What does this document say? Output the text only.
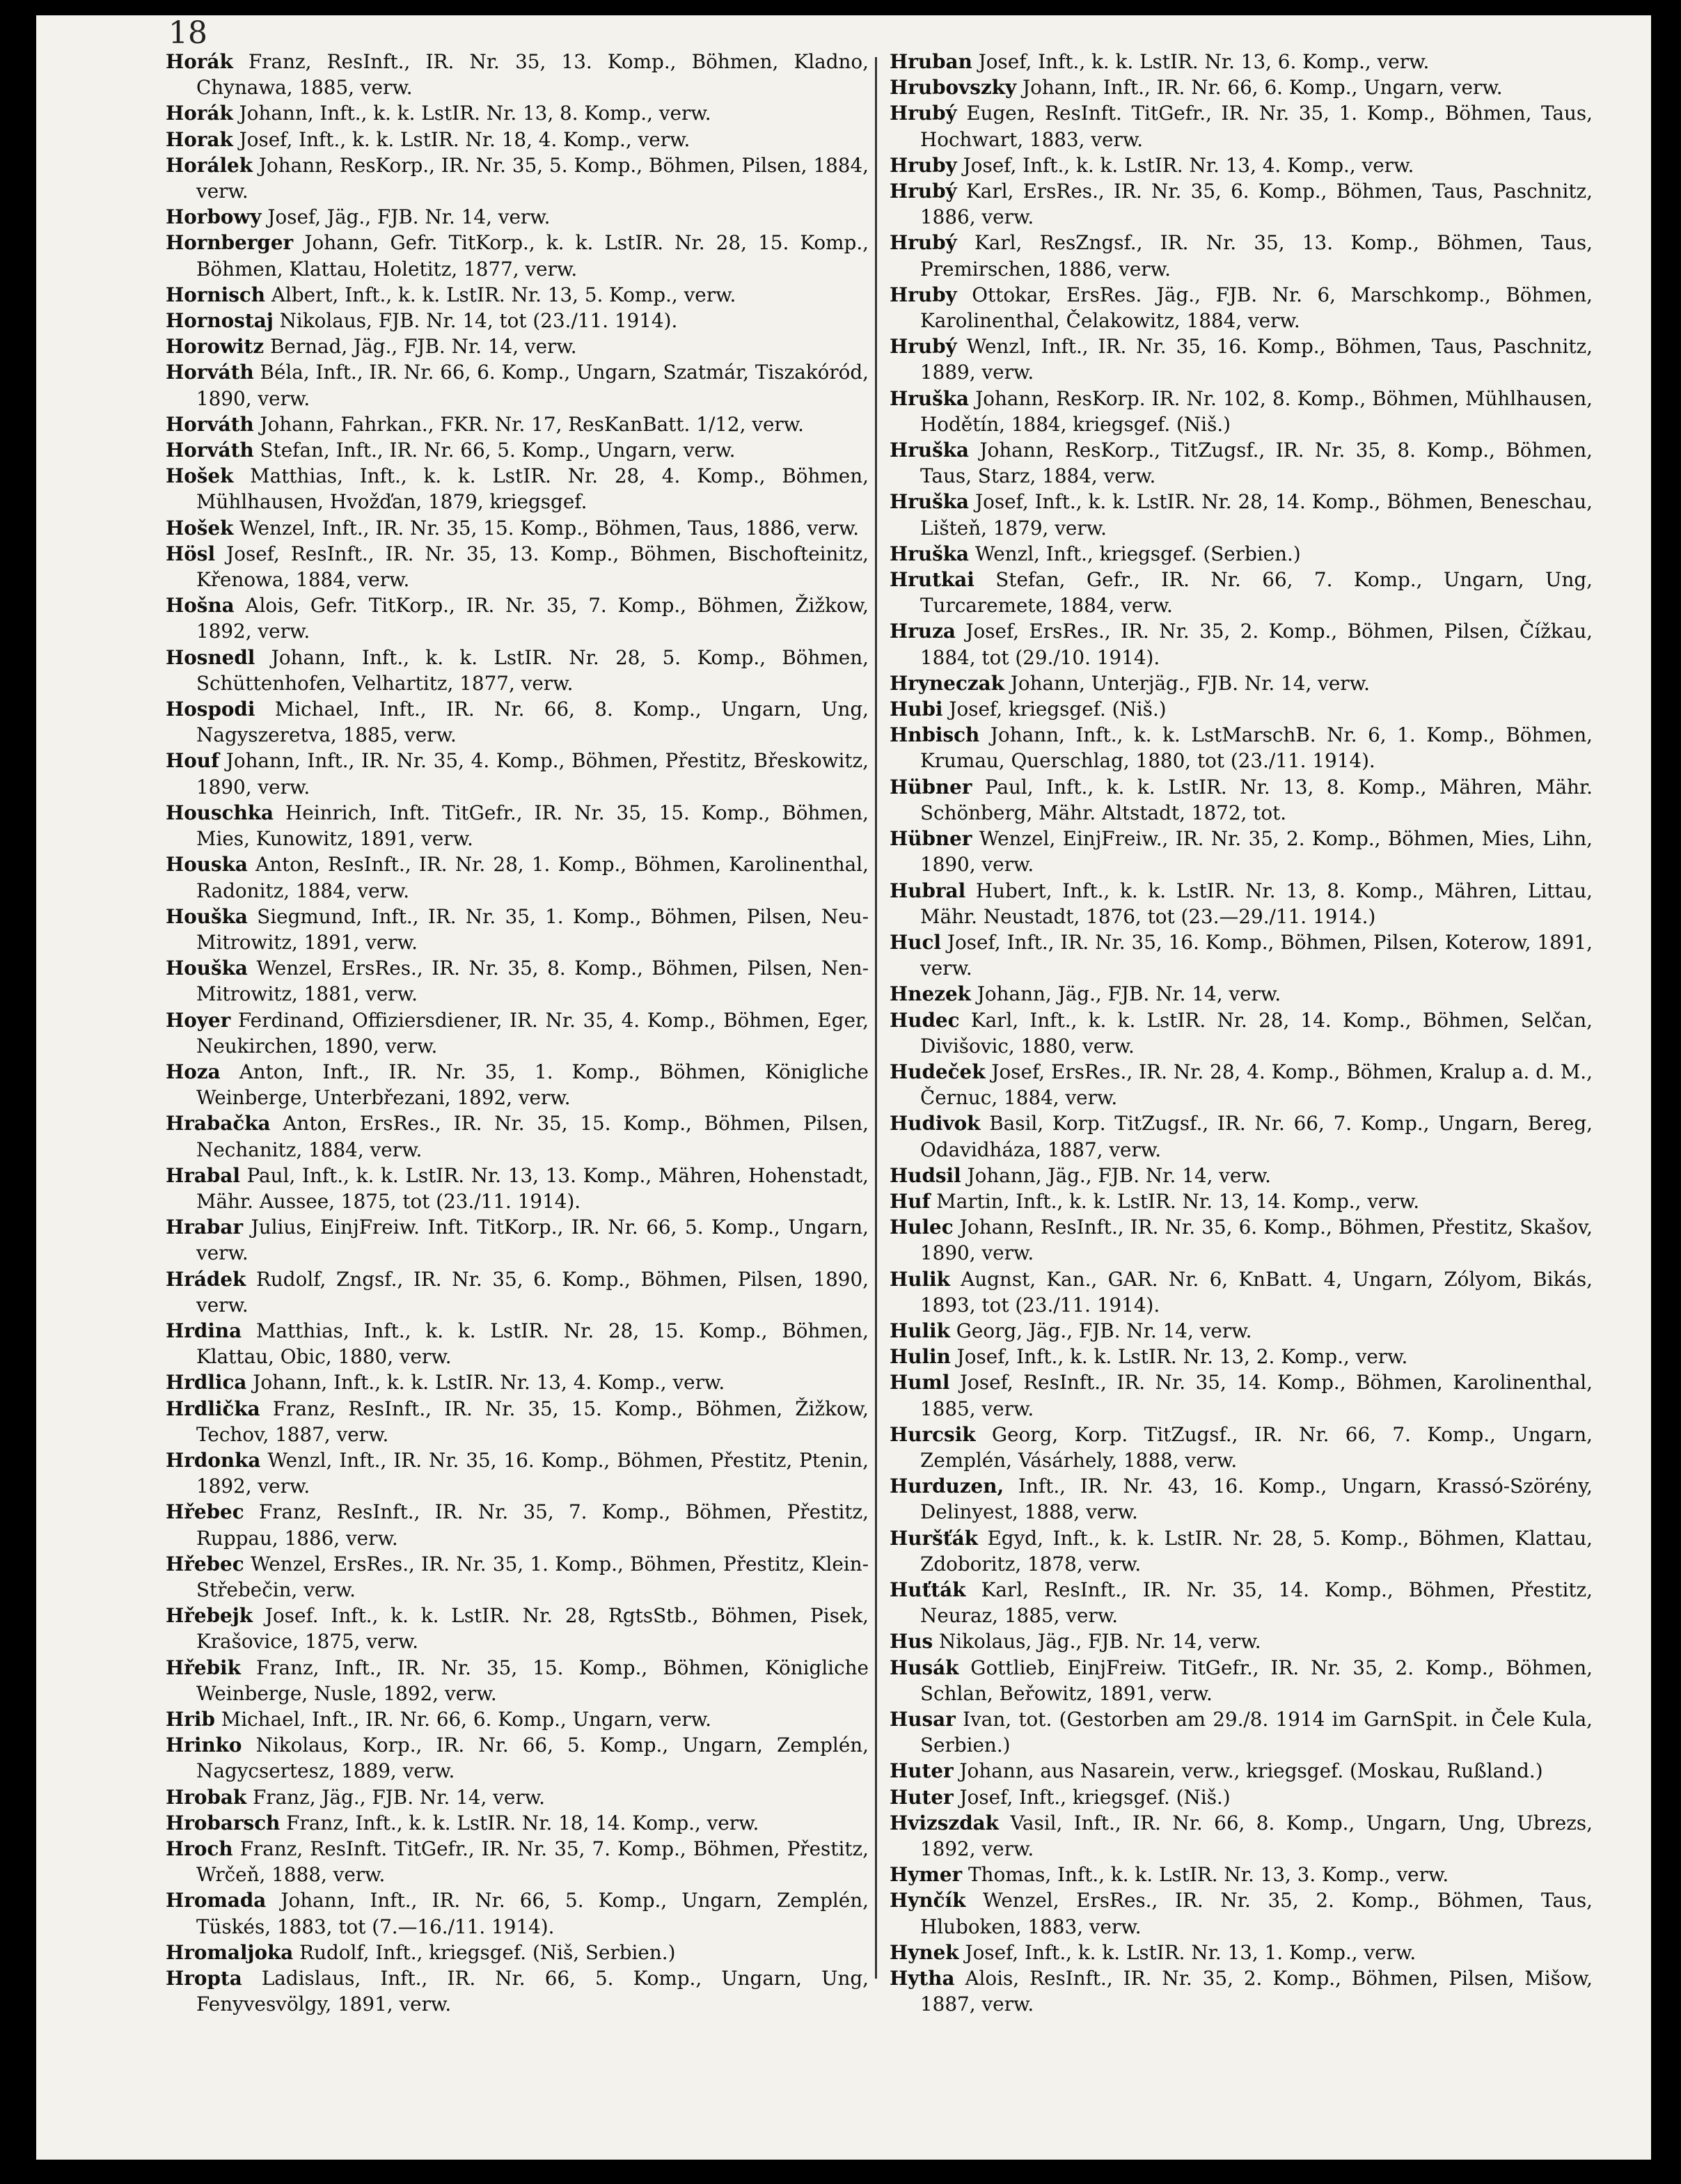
18
Horák Franz, ResInft., IR. Nr. 35, 13. Komp., Böhmen, Kladno, Chynawa, 1885, verw.
Horák Johann, Inft., k. k. LstIR. Nr. 13, 8. Komp., verw.
Horak Josef, Inft., k. k. LstIR. Nr. 18, 4. Komp., verw.
Horálek Johann, ResKorp., IR. Nr. 35, 5. Komp., Böhmen, Pilsen, 1884, verw.
Horbowy Josef, Jäg., FJB. Nr. 14, verw.
Hornberger Johann, Gefr. TitKorp., k. k. LstIR. Nr. 28, 15. Komp., Böhmen, Klattau, Holetitz, 1877, verw.
Hornisch Albert, Inft., k. k. LstIR. Nr. 13, 5. Komp., verw.
Hornostaj Nikolaus, FJB. Nr. 14, tot (23./11. 1914).
Horowitz Bernad, Jäg., FJB. Nr. 14, verw.
Horváth Béla, Inft., IR. Nr. 66, 6. Komp., Ungarn, Szatmár, Tiszakóród, 1890, verw.
Horváth Johann, Fahrkan., FKR. Nr. 17, ResKanBatt. 1/12, verw.
Horváth Stefan, Inft., IR. Nr. 66, 5. Komp., Ungarn, verw.
Hošek Matthias, Inft., k. k. LstIR. Nr. 28, 4. Komp., Böhmen, Mühlhausen, Hvožďan, 1879, kriegsgef.
Hošek Wenzel, Inft., IR. Nr. 35, 15. Komp., Böhmen, Taus, 1886, verw.
Hösl Josef, ResInft., IR. Nr. 35, 13. Komp., Böhmen, Bischofteinitz, Křenowa, 1884, verw.
Hošna Alois, Gefr. TitKorp., IR. Nr. 35, 7. Komp., Böhmen, Žižkow, 1892, verw.
Hosnedl Johann, Inft., k. k. LstIR. Nr. 28, 5. Komp., Böhmen, Schüttenhofen, Velhartitz, 1877, verw.
Hospodi Michael, Inft., IR. Nr. 66, 8. Komp., Ungarn, Ung, Nagyszeretva, 1885, verw.
Houf Johann, Inft., IR. Nr. 35, 4. Komp., Böhmen, Přestitz, Břeskowitz, 1890, verw.
Houschka Heinrich, Inft. TitGefr., IR. Nr. 35, 15. Komp., Böhmen, Mies, Kunowitz, 1891, verw.
Houska Anton, ResInft., IR. Nr. 28, 1. Komp., Böhmen, Karolinenthal, Radonitz, 1884, verw.
Houška Siegmund, Inft., IR. Nr. 35, 1. Komp., Böhmen, Pilsen, Neu-Mitrowitz, 1891, verw.
Houška Wenzel, ErsRes., IR. Nr. 35, 8. Komp., Böhmen, Pilsen, Nen-Mitrowitz, 1881, verw.
Hoyer Ferdinand, Offiziersdiener, IR. Nr. 35, 4. Komp., Böhmen, Eger, Neukirchen, 1890, verw.
Hoza Anton, Inft., IR. Nr. 35, 1. Komp., Böhmen, Königliche Weinberge, Unterbřezani, 1892, verw.
Hrabačka Anton, ErsRes., IR. Nr. 35, 15. Komp., Böhmen, Pilsen, Nechanitz, 1884, verw.
Hrabal Paul, Inft., k. k. LstIR. Nr. 13, 13. Komp., Mähren, Hohenstadt, Mähr. Aussee, 1875, tot (23./11. 1914).
Hrabar Julius, EinjFreiw. Inft. TitKorp., IR. Nr. 66, 5. Komp., Ungarn, verw.
Hrádek Rudolf, Zngsf., IR. Nr. 35, 6. Komp., Böhmen, Pilsen, 1890, verw.
Hrdina Matthias, Inft., k. k. LstIR. Nr. 28, 15. Komp., Böhmen, Klattau, Obic, 1880, verw.
Hrdlica Johann, Inft., k. k. LstIR. Nr. 13, 4. Komp., verw.
Hrdlička Franz, ResInft., IR. Nr. 35, 15. Komp., Böhmen, Žižkow, Techov, 1887, verw.
Hrdonka Wenzl, Inft., IR. Nr. 35, 16. Komp., Böhmen, Přestitz, Ptenin, 1892, verw.
Hřebec Franz, ResInft., IR. Nr. 35, 7. Komp., Böhmen, Přestitz, Ruppau, 1886, verw.
Hřebec Wenzel, ErsRes., IR. Nr. 35, 1. Komp., Böhmen, Přestitz, Klein-Střebečin, verw.
Hřebejk Josef. Inft., k. k. LstIR. Nr. 28, RgtsStb., Böhmen, Pisek, Krašovice, 1875, verw.
Hřebik Franz, Inft., IR. Nr. 35, 15. Komp., Böhmen, Königliche Weinberge, Nusle, 1892, verw.
Hrib Michael, Inft., IR. Nr. 66, 6. Komp., Ungarn, verw.
Hrinko Nikolaus, Korp., IR. Nr. 66, 5. Komp., Ungarn, Zemplén, Nagycsertesz, 1889, verw.
Hrobak Franz, Jäg., FJB. Nr. 14, verw.
Hrobarsch Franz, Inft., k. k. LstIR. Nr. 18, 14. Komp., verw.
Hroch Franz, ResInft. TitGefr., IR. Nr. 35, 7. Komp., Böhmen, Přestitz, Wrčeň, 1888, verw.
Hromada Johann, Inft., IR. Nr. 66, 5. Komp., Ungarn, Zemplén, Tüskés, 1883, tot (7.—16./11. 1914).
Hromaljoka Rudolf, Inft., kriegsgef. (Niš, Serbien.)
Hropta Ladislaus, Inft., IR. Nr. 66, 5. Komp., Ungarn, Ung, Fenyvesvölgy, 1891, verw.
Hruban Josef, Inft., k. k. LstIR. Nr. 13, 6. Komp., verw.
Hrubovszky Johann, Inft., IR. Nr. 66, 6. Komp., Ungarn, verw.
Hrubý Eugen, ResInft. TitGefr., IR. Nr. 35, 1. Komp., Böhmen, Taus, Hochwart, 1883, verw.
Hruby Josef, Inft., k. k. LstIR. Nr. 13, 4. Komp., verw.
Hrubý Karl, ErsRes., IR. Nr. 35, 6. Komp., Böhmen, Taus, Paschnitz, 1886, verw.
Hrubý Karl, ResZngsf., IR. Nr. 35, 13. Komp., Böhmen, Taus, Premirschen, 1886, verw.
Hruby Ottokar, ErsRes. Jäg., FJB. Nr. 6, Marschkomp., Böhmen, Karolinenthal, Čelakowitz, 1884, verw.
Hrubý Wenzl, Inft., IR. Nr. 35, 16. Komp., Böhmen, Taus, Paschnitz, 1889, verw.
Hruška Johann, ResKorp. IR. Nr. 102, 8. Komp., Böhmen, Mühlhausen, Hodětín, 1884, kriegsgef. (Niš.)
Hruška Johann, ResKorp., TitZugsf., IR. Nr. 35, 8. Komp., Böhmen, Taus, Starz, 1884, verw.
Hruška Josef, Inft., k. k. LstIR. Nr. 28, 14. Komp., Böhmen, Beneschau, Lišteň, 1879, verw.
Hruška Wenzl, Inft., kriegsgef. (Serbien.)
Hrutkai Stefan, Gefr., IR. Nr. 66, 7. Komp., Ungarn, Ung, Turcaremete, 1884, verw.
Hruza Josef, ErsRes., IR. Nr. 35, 2. Komp., Böhmen, Pilsen, Čížkau, 1884, tot (29./10. 1914).
Hryneczak Johann, Unterjäg., FJB. Nr. 14, verw.
Hubi Josef, kriegsgef. (Niš.)
Hnbisch Johann, Inft., k. k. LstMarschB. Nr. 6, 1. Komp., Böhmen, Krumau, Querschlag, 1880, tot (23./11. 1914).
Hübner Paul, Inft., k. k. LstIR. Nr. 13, 8. Komp., Mähren, Mähr. Schönberg, Mähr. Altstadt, 1872, tot.
Hübner Wenzel, EinjFreiw., IR. Nr. 35, 2. Komp., Böhmen, Mies, Lihn, 1890, verw.
Hubral Hubert, Inft., k. k. LstIR. Nr. 13, 8. Komp., Mähren, Littau, Mähr. Neustadt, 1876, tot (23.—29./11. 1914.)
Hucl Josef, Inft., IR. Nr. 35, 16. Komp., Böhmen, Pilsen, Koterow, 1891, verw.
Hnezek Johann, Jäg., FJB. Nr. 14, verw.
Hudec Karl, Inft., k. k. LstIR. Nr. 28, 14. Komp., Böhmen, Selčan, Divišovic, 1880, verw.
Hudeček Josef, ErsRes., IR. Nr. 28, 4. Komp., Böhmen, Kralup a. d. M., Černuc, 1884, verw.
Hudivok Basil, Korp. TitZugsf., IR. Nr. 66, 7. Komp., Ungarn, Bereg, Odavidháza, 1887, verw.
Hudsil Johann, Jäg., FJB. Nr. 14, verw.
Huf Martin, Inft., k. k. LstIR. Nr. 13, 14. Komp., verw.
Hulec Johann, ResInft., IR. Nr. 35, 6. Komp., Böhmen, Přestitz, Skašov, 1890, verw.
Hulik Augnst, Kan., GAR. Nr. 6, KnBatt. 4, Ungarn, Zólyom, Bikás, 1893, tot (23./11. 1914).
Hulik Georg, Jäg., FJB. Nr. 14, verw.
Hulin Josef, Inft., k. k. LstIR. Nr. 13, 2. Komp., verw.
Huml Josef, ResInft., IR. Nr. 35, 14. Komp., Böhmen, Karolinenthal, 1885, verw.
Hurcsik Georg, Korp. TitZugsf., IR. Nr. 66, 7. Komp., Ungarn, Zemplén, Vásárhely, 1888, verw.
Hurduzen, Inft., IR. Nr. 43, 16. Komp., Ungarn, Krassó-Szörény, Delinyest, 1888, verw.
Huršťák Egyd, Inft., k. k. LstIR. Nr. 28, 5. Komp., Böhmen, Klattau, Zdoboritz, 1878, verw.
Huťták Karl, ResInft., IR. Nr. 35, 14. Komp., Böhmen, Přestitz, Neuraz, 1885, verw.
Hus Nikolaus, Jäg., FJB. Nr. 14, verw.
Husák Gottlieb, EinjFreiw. TitGefr., IR. Nr. 35, 2. Komp., Böhmen, Schlan, Beřowitz, 1891, verw.
Husar Ivan, tot. (Gestorben am 29./8. 1914 im GarnSpit. in Čele Kula, Serbien.)
Huter Johann, aus Nasarein, verw., kriegsgef. (Moskau, Rußland.)
Huter Josef, Inft., kriegsgef. (Niš.)
Hvizszdak Vasil, Inft., IR. Nr. 66, 8. Komp., Ungarn, Ung, Ubrezs, 1892, verw.
Hymer Thomas, Inft., k. k. LstIR. Nr. 13, 3. Komp., verw.
Hynčík Wenzel, ErsRes., IR. Nr. 35, 2. Komp., Böhmen, Taus, Hluboken, 1883, verw.
Hynek Josef, Inft., k. k. LstIR. Nr. 13, 1. Komp., verw.
Hytha Alois, ResInft., IR. Nr. 35, 2. Komp., Böhmen, Pilsen, Mišow, 1887, verw.
